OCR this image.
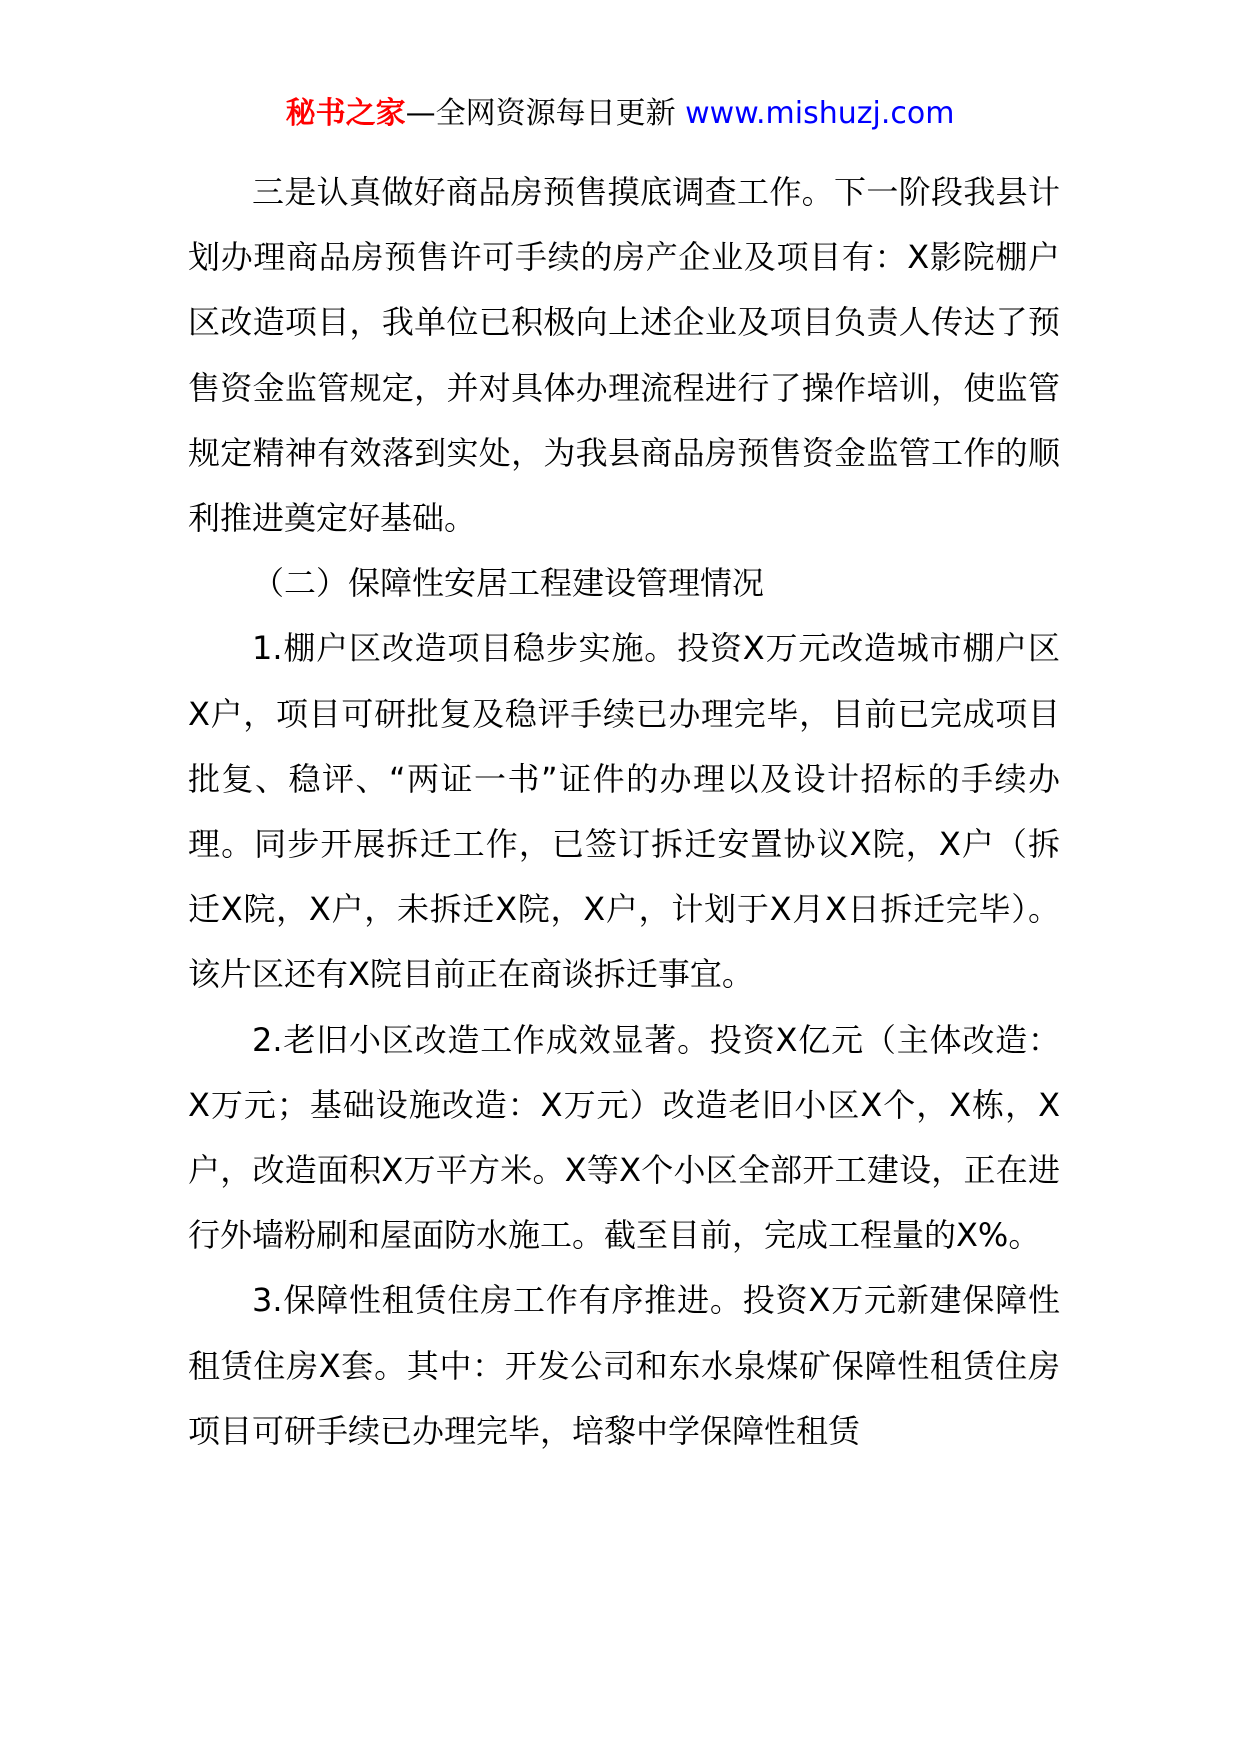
秘书之家—全网资源每日更新 www.mishuzj.com

三是认真做好商品房预售摸底调查工作。下一阶段我县计划办理商品房预售许可手续的房产企业及项目有：X影院棚户区改造项目，我单位已积极向上述企业及项目负责人传达了预售资金监管规定，并对具体办理流程进行了操作培训，使监管规定精神有效落到实处，为我县商品房预售资金监管工作的顺利推进奠定好基础。

（二）保障性安居工程建设管理情况

1.棚户区改造项目稳步实施。投资X万元改造城市棚户区X户，项目可研批复及稳评手续已办理完毕，目前已完成项目批复、稳评、“两证一书”证件的办理以及设计招标的手续办理。同步开展拆迁工作，已签订拆迁安置协议X院，X户（拆迁X院，X户，未拆迁X院，X户，计划于X月X日拆迁完毕）。该片区还有X院目前正在商谈拆迁事宜。

2.老旧小区改造工作成效显著。投资X亿元（主体改造：X万元；基础设施改造：X万元）改造老旧小区X个，X栋，X户，改造面积X万平方米。X等X个小区全部开工建设，正在进行外墙粉刷和屋面防水施工。截至目前，完成工程量的X%。

3.保障性租赁住房工作有序推进。投资X万元新建保障性租赁住房X套。其中：开发公司和东水泉煤矿保障性租赁住房项目可研手续已办理完毕，培黎中学保障性租赁
